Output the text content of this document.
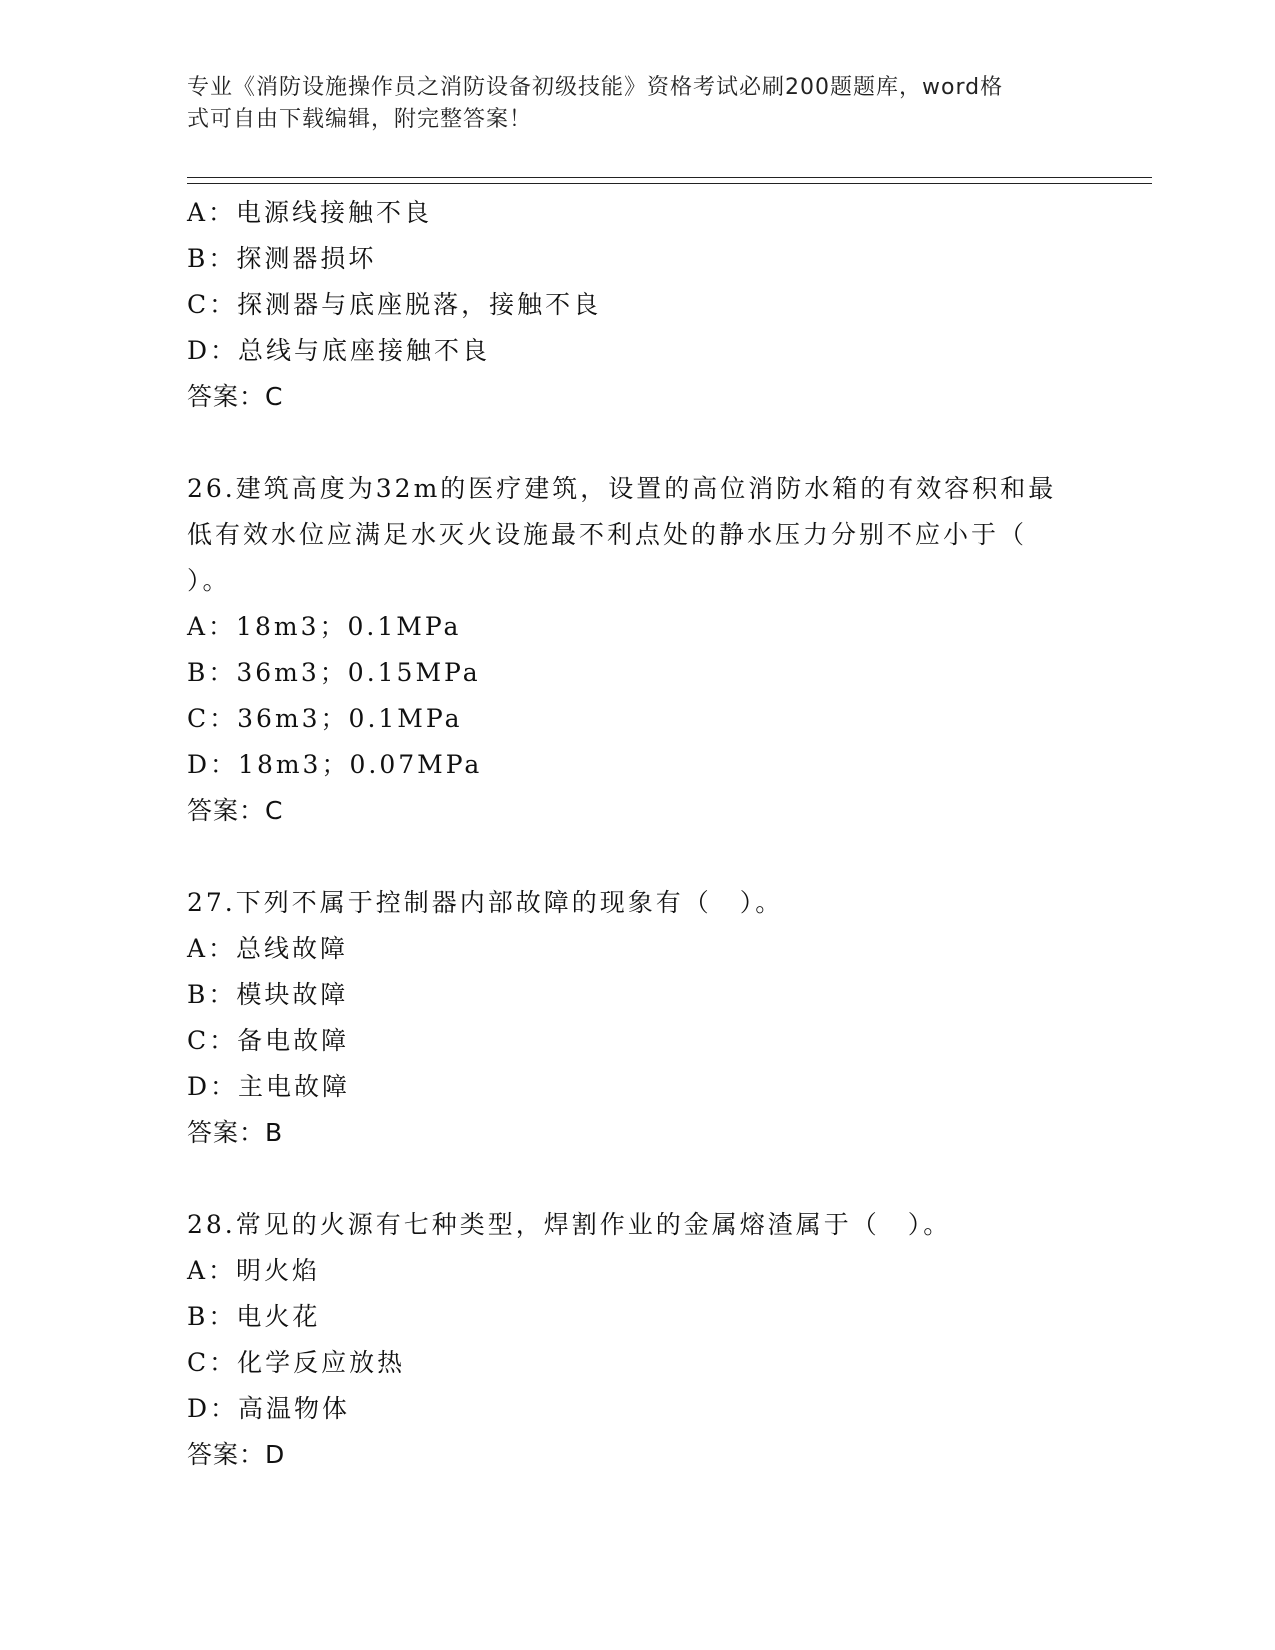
专业《消防设施操作员之消防设备初级技能》资格考试必刷200题题库，word格
式可自由下载编辑，附完整答案！
A：电源线接触不良
B：探测器损坏
C：探测器与底座脱落，接触不良
D：总线与底座接触不良
答案：C
26.建筑高度为32m的医疗建筑，设置的高位消防水箱的有效容积和最
低有效水位应满足水灭火设施最不利点处的静水压力分别不应小于（
）。
A：18m3；0.1MPa
B：36m3；0.15MPa
C：36m3；0.1MPa
D：18m3；0.07MPa
答案：C
27.下列不属于控制器内部故障的现象有（　）。
A：总线故障
B：模块故障
C：备电故障
D：主电故障
答案：B
28.常见的火源有七种类型，焊割作业的金属熔渣属于（　）。
A：明火焰
B：电火花
C：化学反应放热
D：高温物体
答案：D
